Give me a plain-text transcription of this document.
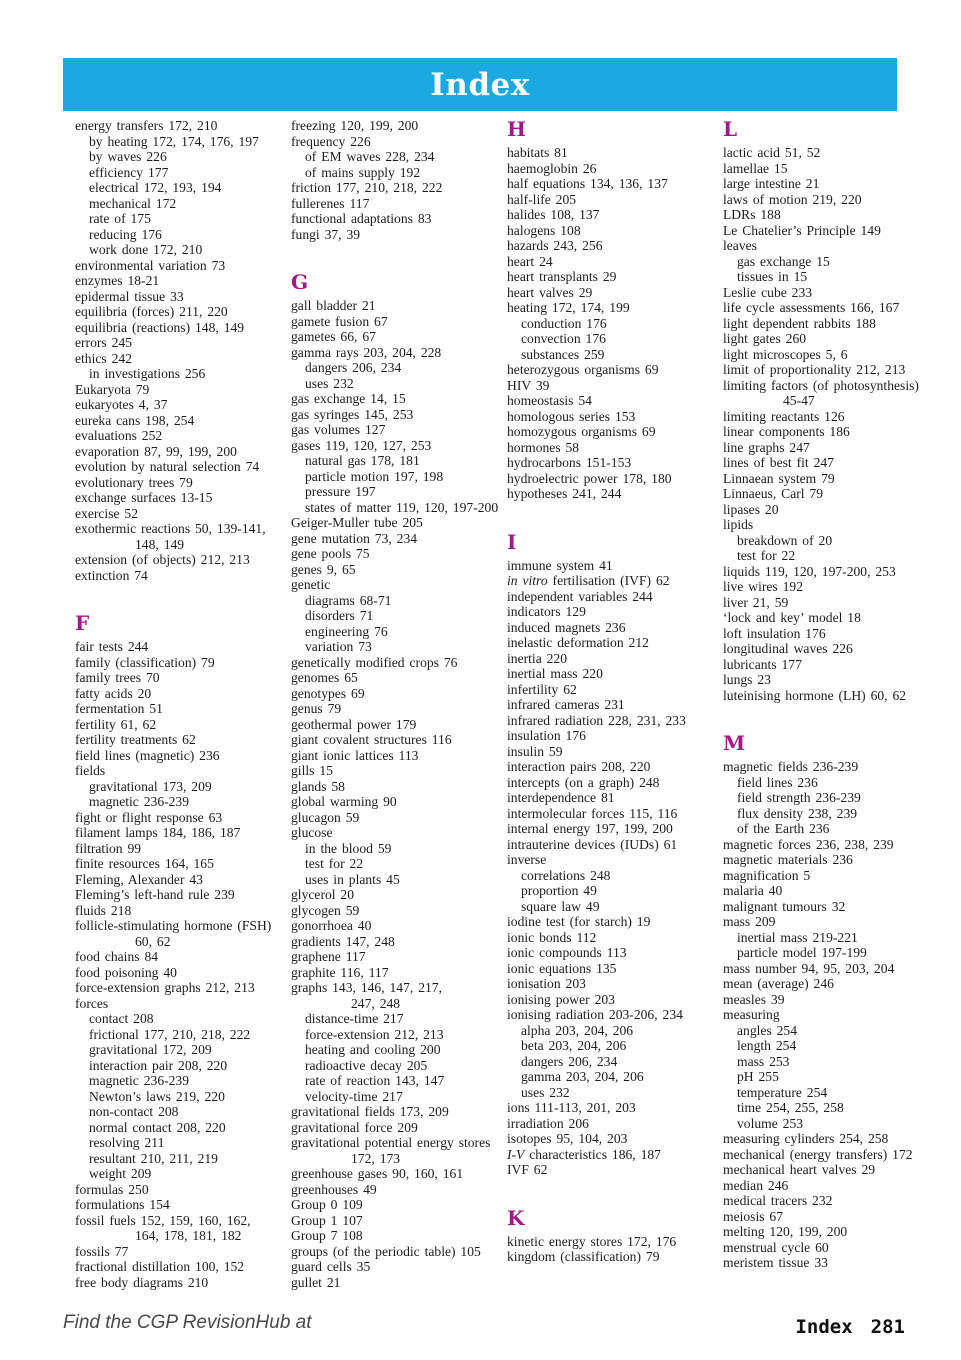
Index
energy transfers 172, 210
by heating 172, 174, 176, 197
by waves 226
efficiency 177
electrical 172, 193, 194
mechanical 172
rate of 175
reducing 176
work done 172, 210
environmental variation 73
enzymes 18-21
epidermal tissue 33
equilibria (forces) 211, 220
equilibria (reactions) 148, 149
errors 245
ethics 242
in investigations 256
Eukaryota 79
eukaryotes 4, 37
eureka cans 198, 254
evaluations 252
evaporation 87, 99, 199, 200
evolution by natural selection 74
evolutionary trees 79
exchange surfaces 13-15
exercise 52
exothermic reactions 50, 139-141,
148, 149
extension (of objects) 212, 213
extinction 74
F
fair tests 244
family (classification) 79
family trees 70
fatty acids 20
fermentation 51
fertility 61, 62
fertility treatments 62
field lines (magnetic) 236
fields
gravitational 173, 209
magnetic 236-239
fight or flight response 63
filament lamps 184, 186, 187
filtration 99
finite resources 164, 165
Fleming, Alexander 43
Fleming’s left-hand rule 239
fluids 218
follicle-stimulating hormone (FSH)
60, 62
food chains 84
food poisoning 40
force-extension graphs 212, 213
forces
contact 208
frictional 177, 210, 218, 222
gravitational 172, 209
interaction pair 208, 220
magnetic 236-239
Newton’s laws 219, 220
non-contact 208
normal contact 208, 220
resolving 211
resultant 210, 211, 219
weight 209
formulas 250
formulations 154
fossil fuels 152, 159, 160, 162,
164, 178, 181, 182
fossils 77
fractional distillation 100, 152
free body diagrams 210
freezing 120, 199, 200
frequency 226
of EM waves 228, 234
of mains supply 192
friction 177, 210, 218, 222
fullerenes 117
functional adaptations 83
fungi 37, 39
G
gall bladder 21
gamete fusion 67
gametes 66, 67
gamma rays 203, 204, 228
dangers 206, 234
uses 232
gas exchange 14, 15
gas syringes 145, 253
gas volumes 127
gases 119, 120, 127, 253
natural gas 178, 181
particle motion 197, 198
pressure 197
states of matter 119, 120, 197-200
Geiger-Muller tube 205
gene mutation 73, 234
gene pools 75
genes 9, 65
genetic
diagrams 68-71
disorders 71
engineering 76
variation 73
genetically modified crops 76
genomes 65
genotypes 69
genus 79
geothermal power 179
giant covalent structures 116
giant ionic lattices 113
gills 15
glands 58
global warming 90
glucagon 59
glucose
in the blood 59
test for 22
uses in plants 45
glycerol 20
glycogen 59
gonorrhoea 40
gradients 147, 248
graphene 117
graphite 116, 117
graphs 143, 146, 147, 217,
247, 248
distance-time 217
force-extension 212, 213
heating and cooling 200
radioactive decay 205
rate of reaction 143, 147
velocity-time 217
gravitational fields 173, 209
gravitational force 209
gravitational potential energy stores
172, 173
greenhouse gases 90, 160, 161
greenhouses 49
Group 0 109
Group 1 107
Group 7 108
groups (of the periodic table) 105
guard cells 35
gullet 21
H
habitats 81
haemoglobin 26
half equations 134, 136, 137
half-life 205
halides 108, 137
halogens 108
hazards 243, 256
heart 24
heart transplants 29
heart valves 29
heating 172, 174, 199
conduction 176
convection 176
substances 259
heterozygous organisms 69
HIV 39
homeostasis 54
homologous series 153
homozygous organisms 69
hormones 58
hydrocarbons 151-153
hydroelectric power 178, 180
hypotheses 241, 244
I
immune system 41
in vitro fertilisation (IVF) 62
independent variables 244
indicators 129
induced magnets 236
inelastic deformation 212
inertia 220
inertial mass 220
infertility 62
infrared cameras 231
infrared radiation 228, 231, 233
insulation 176
insulin 59
interaction pairs 208, 220
intercepts (on a graph) 248
interdependence 81
intermolecular forces 115, 116
internal energy 197, 199, 200
intrauterine devices (IUDs) 61
inverse
correlations 248
proportion 49
square law 49
iodine test (for starch) 19
ionic bonds 112
ionic compounds 113
ionic equations 135
ionisation 203
ionising power 203
ionising radiation 203-206, 234
alpha 203, 204, 206
beta 203, 204, 206
dangers 206, 234
gamma 203, 204, 206
uses 232
ions 111-113, 201, 203
irradiation 206
isotopes 95, 104, 203
I-V characteristics 186, 187
IVF 62
K
kinetic energy stores 172, 176
kingdom (classification) 79
L
lactic acid 51, 52
lamellae 15
large intestine 21
laws of motion 219, 220
LDRs 188
Le Chatelier’s Principle 149
leaves
gas exchange 15
tissues in 15
Leslie cube 233
life cycle assessments 166, 167
light dependent rabbits 188
light gates 260
light microscopes 5, 6
limit of proportionality 212, 213
limiting factors (of photosynthesis)
45-47
limiting reactants 126
linear components 186
line graphs 247
lines of best fit 247
Linnaean system 79
Linnaeus, Carl 79
lipases 20
lipids
breakdown of 20
test for 22
liquids 119, 120, 197-200, 253
live wires 192
liver 21, 59
‘lock and key’ model 18
loft insulation 176
longitudinal waves 226
lubricants 177
lungs 23
luteinising hormone (LH) 60, 62
M
magnetic fields 236-239
field lines 236
field strength 236-239
flux density 238, 239
of the Earth 236
magnetic forces 236, 238, 239
magnetic materials 236
magnification 5
malaria 40
malignant tumours 32
mass 209
inertial mass 219-221
particle model 197-199
mass number 94, 95, 203, 204
mean (average) 246
measles 39
measuring
angles 254
length 254
mass 253
pH 255
temperature 254
time 254, 255, 258
volume 253
measuring cylinders 254, 258
mechanical (energy transfers) 172
mechanical heart valves 29
median 246
medical tracers 232
meiosis 67
melting 120, 199, 200
menstrual cycle 60
meristem tissue 33
Find the CGP RevisionHub at	Index 281
